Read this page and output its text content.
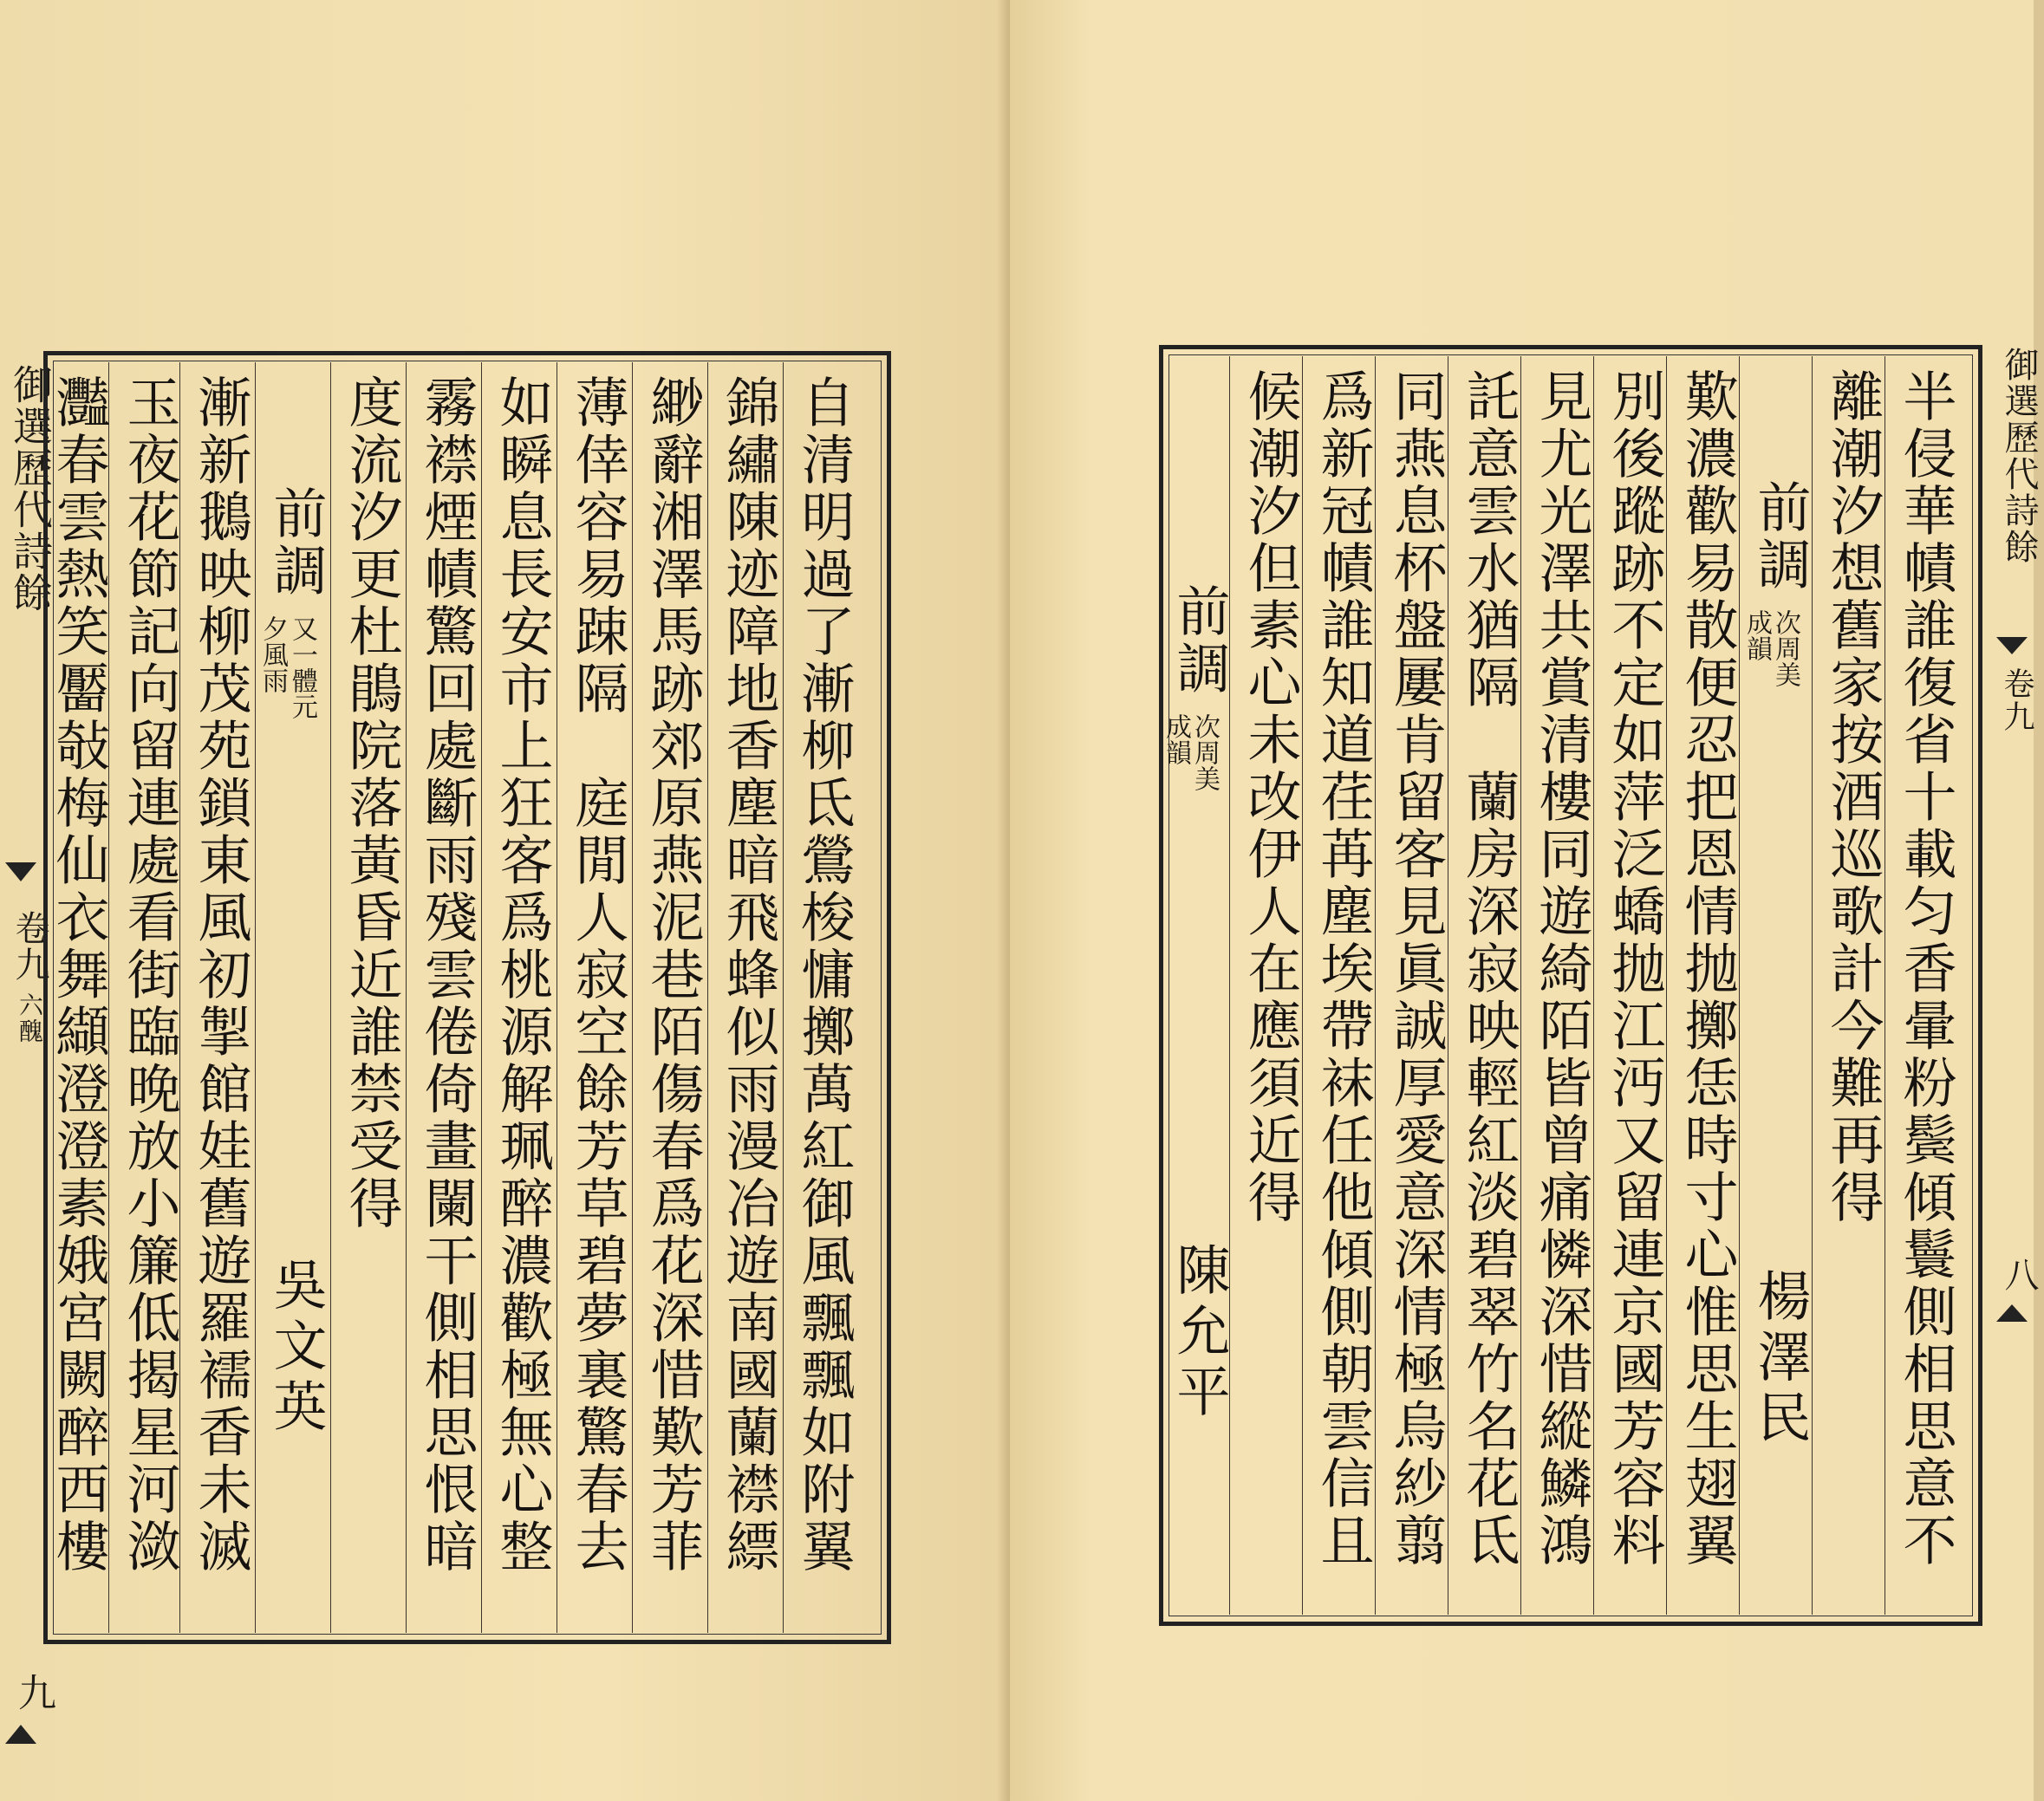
御選歷代詩餘
卷九
六醜
九
自清明過了漸柳氐鶯梭慵擲萬紅御風飄飄如附翼
錦繡陳迹障地香塵暗飛蜂似雨漫冶遊南國蘭襟縹
緲辭湘澤馬跡郊原燕泥巷陌傷春爲花深惜歎芳菲
薄倖容易踈隔　庭閒人寂空餘芳草碧夢裏驚春去
如瞬息長安市上狂客爲桃源解珮醉濃歡極無心整
霧襟煙幘驚回處斷雨殘雲倦倚畫闌干側相思恨暗
度流汐更杜鵑院落黃昏近誰禁受得
前調
又一體元
夕風雨
吳文英
漸新鵝映柳茂苑鎖東風初掣館娃舊遊羅襦香未滅
玉夜花節記向留連處看街臨晚放小簾低揭星河潋
灩春雲熱笑靨敧梅仙衣舞纈澄澄素娥宮闕醉西樓	半侵華幘誰復省十載匀香暈粉鬓傾鬟側相思意不
離潮汐想舊家按酒巡歌計今難再得
前調
次周美
成韻
楊澤民
歎濃歡易散便忍把恩情抛擲恁時寸心惟思生翅翼
別後蹤跡不定如萍泛蟜抛江沔又留連京國芳容料
見尤光澤共賞清樓同遊綺陌皆曾痛憐深惜縱鱗鴻
託意雲水猶隔　蘭房深寂映輕紅淡碧翠竹名花氐
同燕息杯盤屢肯留客見眞誠厚愛意深情極烏紗翦
爲新冠幘誰知道荏苒塵埃帶袜任他傾側朝雲信且
候潮汐但素心未改伊人在應須近得
前調
次周美
成韻
陳允平
御選歷代詩餘
卷九
八
